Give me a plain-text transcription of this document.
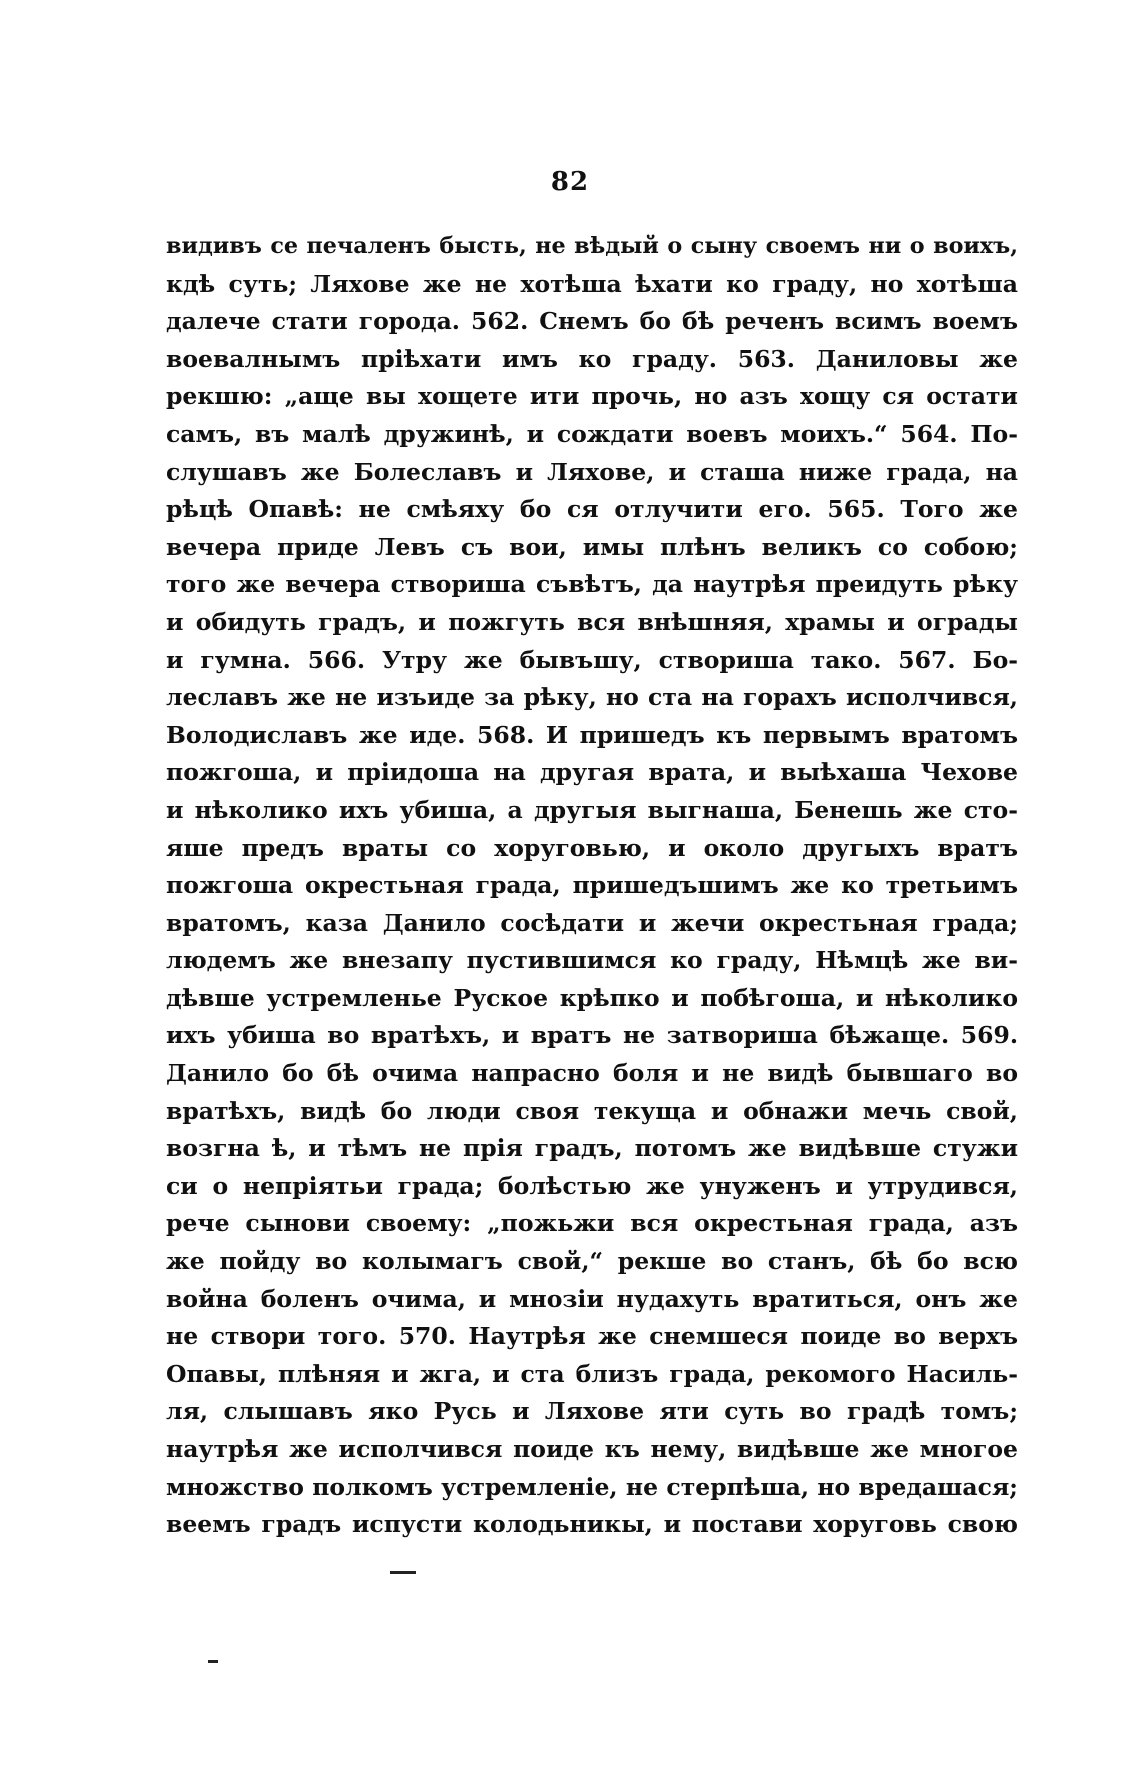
82
видивъ се печаленъ бысть, не вѣдый о сыну своемъ ни о воихъ,
кдѣ суть; Ляхове же не хотѣша ѣхати ко граду, но хотѣша
далече стати города. 562. Снемъ бо бѣ реченъ всимъ воемъ
воевалнымъ пріѣхати имъ ко граду. 563. Даниловы же
рекшю: „аще вы хощете ити прочь, но азъ хощу ся остати
самъ, въ малѣ дружинѣ, и сождати воевъ моихъ.“ 564. По-
слушавъ же Болеславъ и Ляхове, и сташа ниже града, на
рѣцѣ Опавѣ: не смѣяху бо ся отлучити его. 565. Того же
вечера приде Левъ съ вои, имы плѣнъ великъ со собою;
того же вечера створиша съвѣтъ, да наутрѣя преидуть рѣку
и обидуть градъ, и пожгуть вся внѣшняя, храмы и ограды
и гумна. 566. Утру же бывъшу, створиша тако. 567. Бо-
леславъ же не изъиде за рѣку, но ста на горахъ исполчився,
Володиславъ же иде. 568. И пришедъ къ первымъ вратомъ
пожгоша, и пріидоша на другая врата, и выѣхаша Чехове
и нѣколико ихъ убиша, а другыя выгнаша, Бенешь же сто-
яше предъ враты со хоруговью, и около другыхъ вратъ
пожгоша окрестьная града, пришедъшимъ же ко третьимъ
вратомъ, каза Данило сосѣдати и жечи окрестьная града;
людемъ же внезапу пустившимся ко граду, Нѣмцѣ же ви-
дѣвше устремленье Руское крѣпко и побѣгоша, и нѣколико
ихъ убиша во вратѣхъ, и вратъ не затвориша бѣжаще. 569.
Данило бо бѣ очима напрасно боля и не видѣ бывшаго во
вратѣхъ, видѣ бо люди своя текуща и обнажи мечь свой,
возгна ѣ, и тѣмъ не прія градъ, потомъ же видѣвше стужи
си о непріятьи града; болѣстью же унуженъ и утрудився,
рече сынови своему: „пожьжи вся окрестьная града, азъ
же пойду во колымагъ свой,“ рекше во станъ, бѣ бо всю
война боленъ очима, и мнозіи нудахуть вратиться, онъ же
не створи того. 570. Наутрѣя же снемшеся поиде во верхъ
Опавы, плѣняя и жга, и ста близъ града, рекомого Насиль-
ля, слышавъ яко Русь и Ляхове яти суть во градѣ томъ;
наутрѣя же исполчився поиде къ нему, видѣвше же многое
множство полкомъ устремленіе, не стерпѣша, но вредашася;
веемъ градъ испусти колодьникы, и постави хоруговь свою
